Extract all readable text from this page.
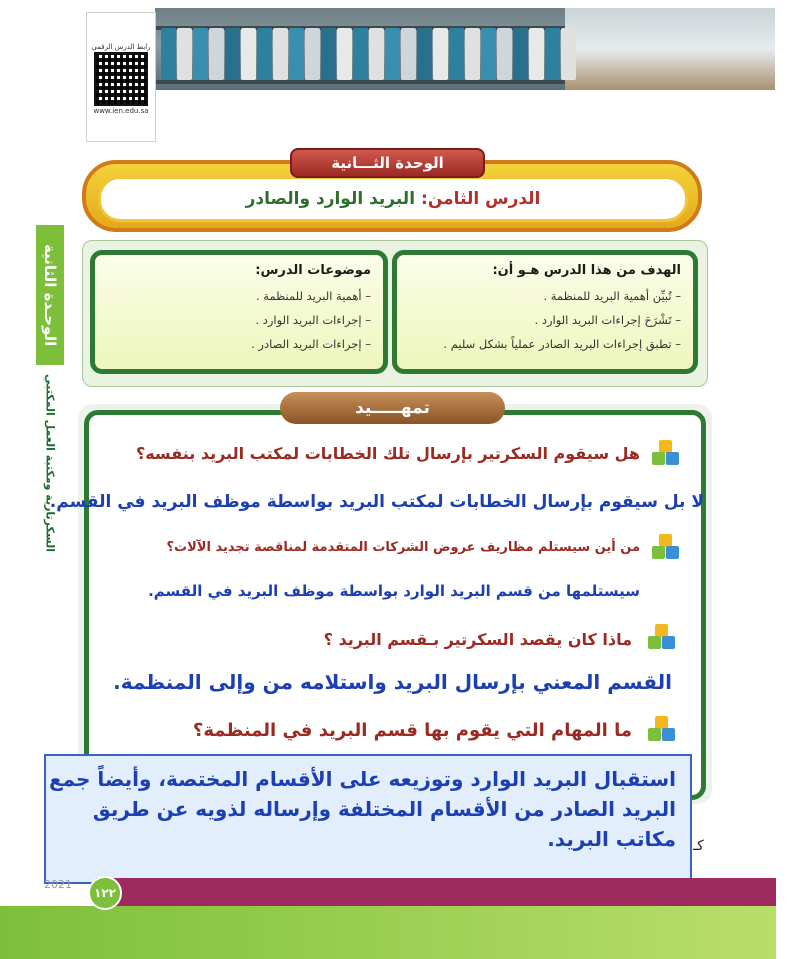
رابط الدرس الرقمي
www.ien.edu.sa
الوحـدة الثانية
السكرتارية ومكتبة العمل المكتبي
الوحدة الثـــانية
الدرس الثامن:
البريد الوارد والصادر
الهدف من هذا الدرس هـو أن:
– تُبيِّن أهمية البريد للمنظمة .
– تَشْرَحَ إجراءات البريد الوارد .
– تطبق إجراءات البريد الصادر عملياً بشكل سليم .
موضوعات الدرس:
– أهمية البريد للمنظمة .
– إجراءات البريد الوارد .
– إجراءات البريد الصادر .
تمهـــــيد
هل سيقوم السكرتير بإرسال تلك الخطابات لمكتب البريد بنفسه؟
لا بل سيقوم بإرسال الخطابات لمكتب البريد بواسطة موظف البريد في القسم.
من أين سيستلم مظاريف عروض الشركات المتقدمة لمناقصة تجديد الآلات؟
سيستلمها من قسم البريد الوارد بواسطة موظف البريد في القسم.
ماذا كان يقصد السكرتير بـقسم البريد ؟
القسم المعني بإرسال البريد واستلامه من وإلى المنظمة.
ما المهام التي يقوم بها قسم البريد في المنظمة؟
استقبال البريد الوارد وتوزيعه على الأقسام المختصة، وأيضاً جمع البريد الصادر من الأقسام المختلفة وإرساله لذويه عن طريق مكاتب البريد. كـ
2021
١٢٢
